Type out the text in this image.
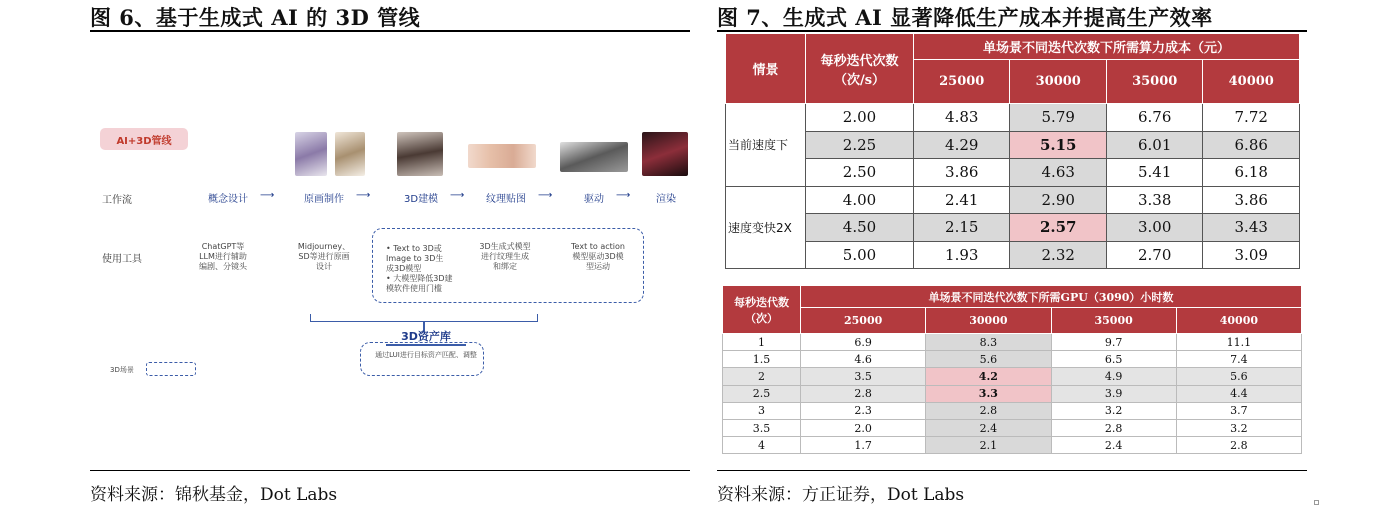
图 6、基于生成式 AI 的 3D 管线	图 7、生成式 AI 显著降低生产成本并提高生产效率
AI+3D管线
工作流
使用工具
概念设计 ⟶	原画制作 ⟶	3D建模 ⟶ 纹理贴图 ⟶	驱动 ⟶	渲染
ChatGPT等
LLM进行辅助
编剧、分镜头
Midjourney、
SD等进行原画
设计
• Text to 3D或
Image to 3D生
成3D模型
• 大模型降低3D建
模软件使用门槛
3D生成式模型
进行纹理生成
和绑定
Text to action
模型驱动3D模
型运动
3D资产库
通过LUI进行目标资产匹配、调整
3D场景
情景	每秒迭代次数
（次/s）	单场景不同迭代次数下所需算力成本（元）			
		25000	30000	35000	40000
当前速度下	2.00	4.83	5.79	6.76	7.72
	2.25	4.29	5.15	6.01	6.86
	2.50	3.86	4.63	5.41	6.18
速度变快2X	4.00	2.41	2.90	3.38	3.86
	4.50	2.15	2.57	3.00	3.43
	5.00	1.93	2.32	2.70	3.09
每秒迭代数
（次）	单场景不同迭代次数下所需GPU（3090）小时数			
	25000	30000	35000	40000
1	6.9	8.3	9.7	11.1
1.5	4.6	5.6	6.5	7.4
2	3.5	4.2	4.9	5.6
2.5	2.8	3.3	3.9	4.4
3	2.3	2.8	3.2	3.7
3.5	2.0	2.4	2.8	3.2
4	1.7	2.1	2.4	2.8
资料来源：锦秋基金，Dot Labs	资料来源：方正证券，Dot Labs
